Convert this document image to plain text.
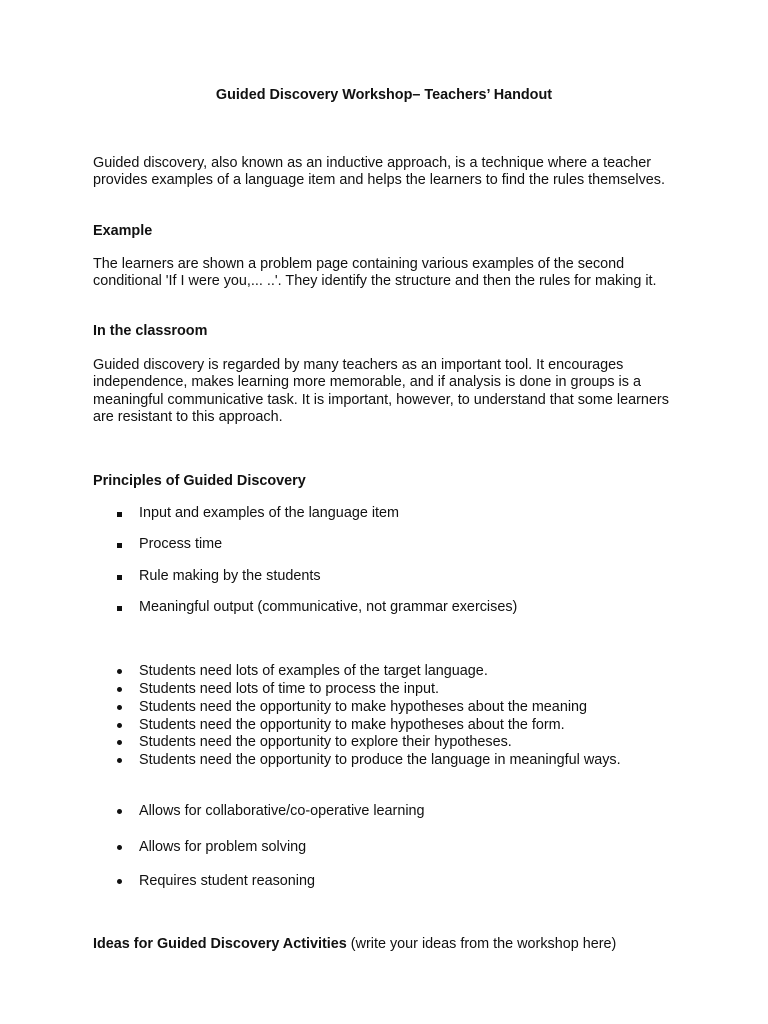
Guided Discovery Workshop– Teachers’ Handout

Guided discovery, also known as an inductive approach, is a technique where a teacher provides examples of a language item and helps the learners to find the rules themselves.

Example

The learners are shown a problem page containing various examples of the second conditional 'If I were you,... ..'. They identify the structure and then the rules for making it.

In the classroom

Guided discovery is regarded by many teachers as an important tool. It encourages independence, makes learning more memorable, and if analysis is done in groups is a meaningful communicative task. It is important, however, to understand that some learners are resistant to this approach.

Principles of Guided Discovery

Input and examples of the language item
Process time
Rule making by the students
Meaningful output (communicative, not grammar exercises)
Students need lots of examples of the target language.
Students need lots of time to process the input.
Students need the opportunity to make hypotheses about the meaning
Students need the opportunity to make hypotheses about the form.
Students need the opportunity to explore their hypotheses.
Students need the opportunity to produce the language in meaningful ways.
Allows for collaborative/co-operative learning
Allows for problem solving
Requires student reasoning

Ideas for Guided Discovery Activities (write your ideas from the workshop here)
